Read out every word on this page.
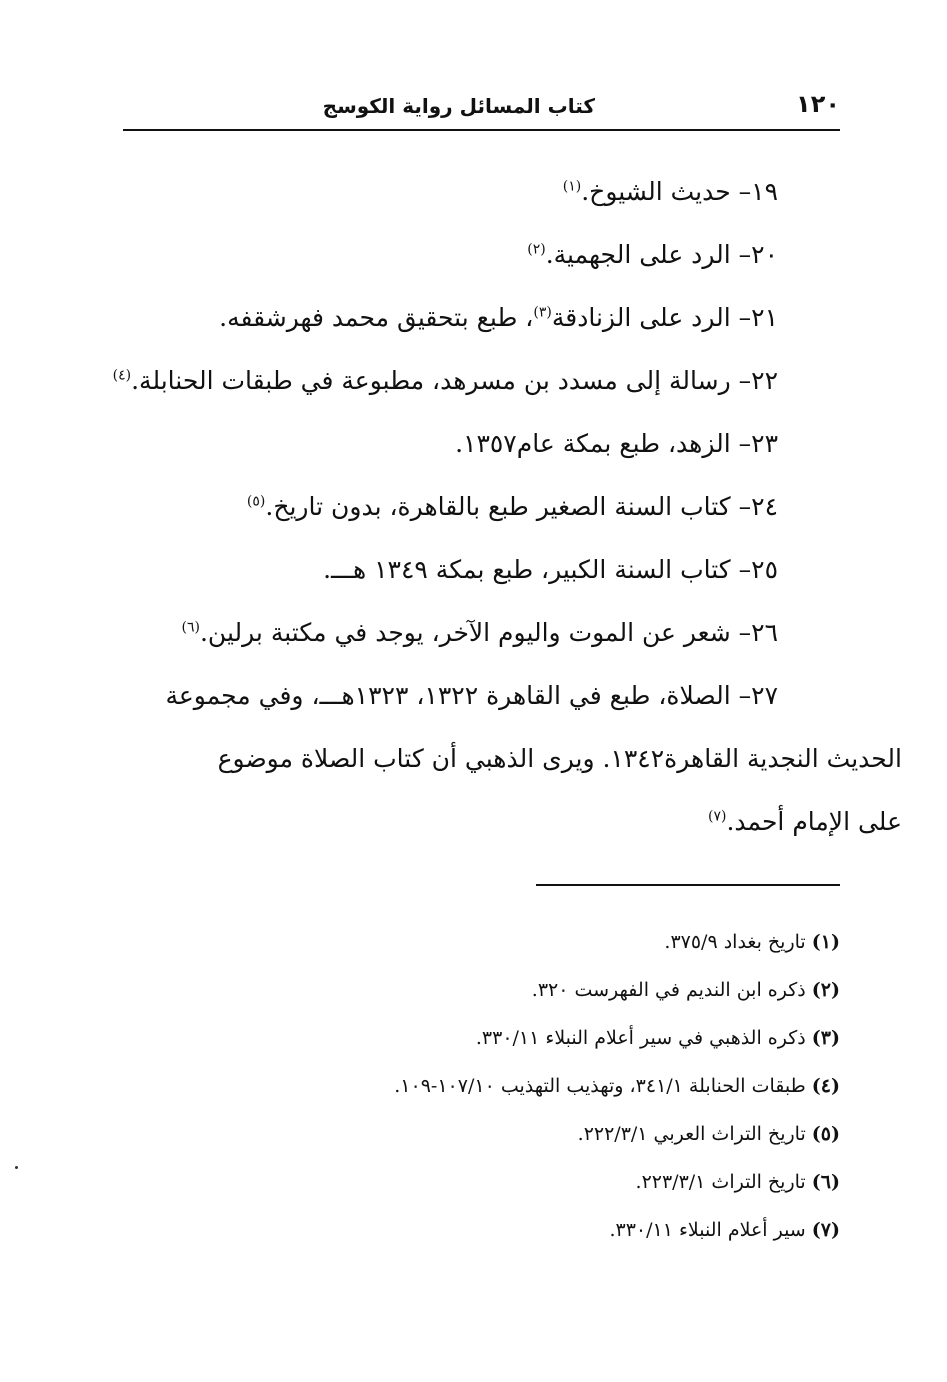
١٢٠
كتاب المسائل رواية الكوسج
١٩– حديث الشيوخ.$^{(١)}$
٢٠– الرد على الجهمية.$^{(٢)}$
٢١– الرد على الزنادقة$^{(٣)}$، طبع بتحقيق محمد فهرشقفه.
٢٢– رسالة إلى مسدد بن مسرهد، مطبوعة في طبقات الحنابلة.$^{(٤)}$
٢٣– الزهد، طبع بمكة عام١٣٥٧.
٢٤– كتاب السنة الصغير طبع بالقاهرة، بدون تاريخ.$^{(٥)}$
٢٥– كتاب السنة الكبير، طبع بمكة ١٣٤٩ هـــ.
٢٦– شعر عن الموت واليوم الآخر، يوجد في مكتبة برلين.$^{(٦)}$
٢٧– الصلاة، طبع في القاهرة ١٣٢٢، ١٣٢٣هـــ، وفي مجموعة
الحديث النجدية القاهرة١٣٤٢. ويرى الذهبي أن كتاب الصلاة موضوع
على الإمام أحمد.$^{(٧)}$
(١) تاريخ بغداد ٣٧٥/٩.
(٢) ذكره ابن النديم في الفهرست ٣٢٠.
(٣) ذكره الذهبي في سير أعلام النبلاء ٣٣٠/١١.
(٤) طبقات الحنابلة ٣٤١/١، وتهذيب التهذيب ١٠٧/١٠-١٠٩.
(٥) تاريخ التراث العربي ٢٢٢/٣/١.
(٦) تاريخ التراث ٢٢٣/٣/١.
(٧) سير أعلام النبلاء ٣٣٠/١١.
